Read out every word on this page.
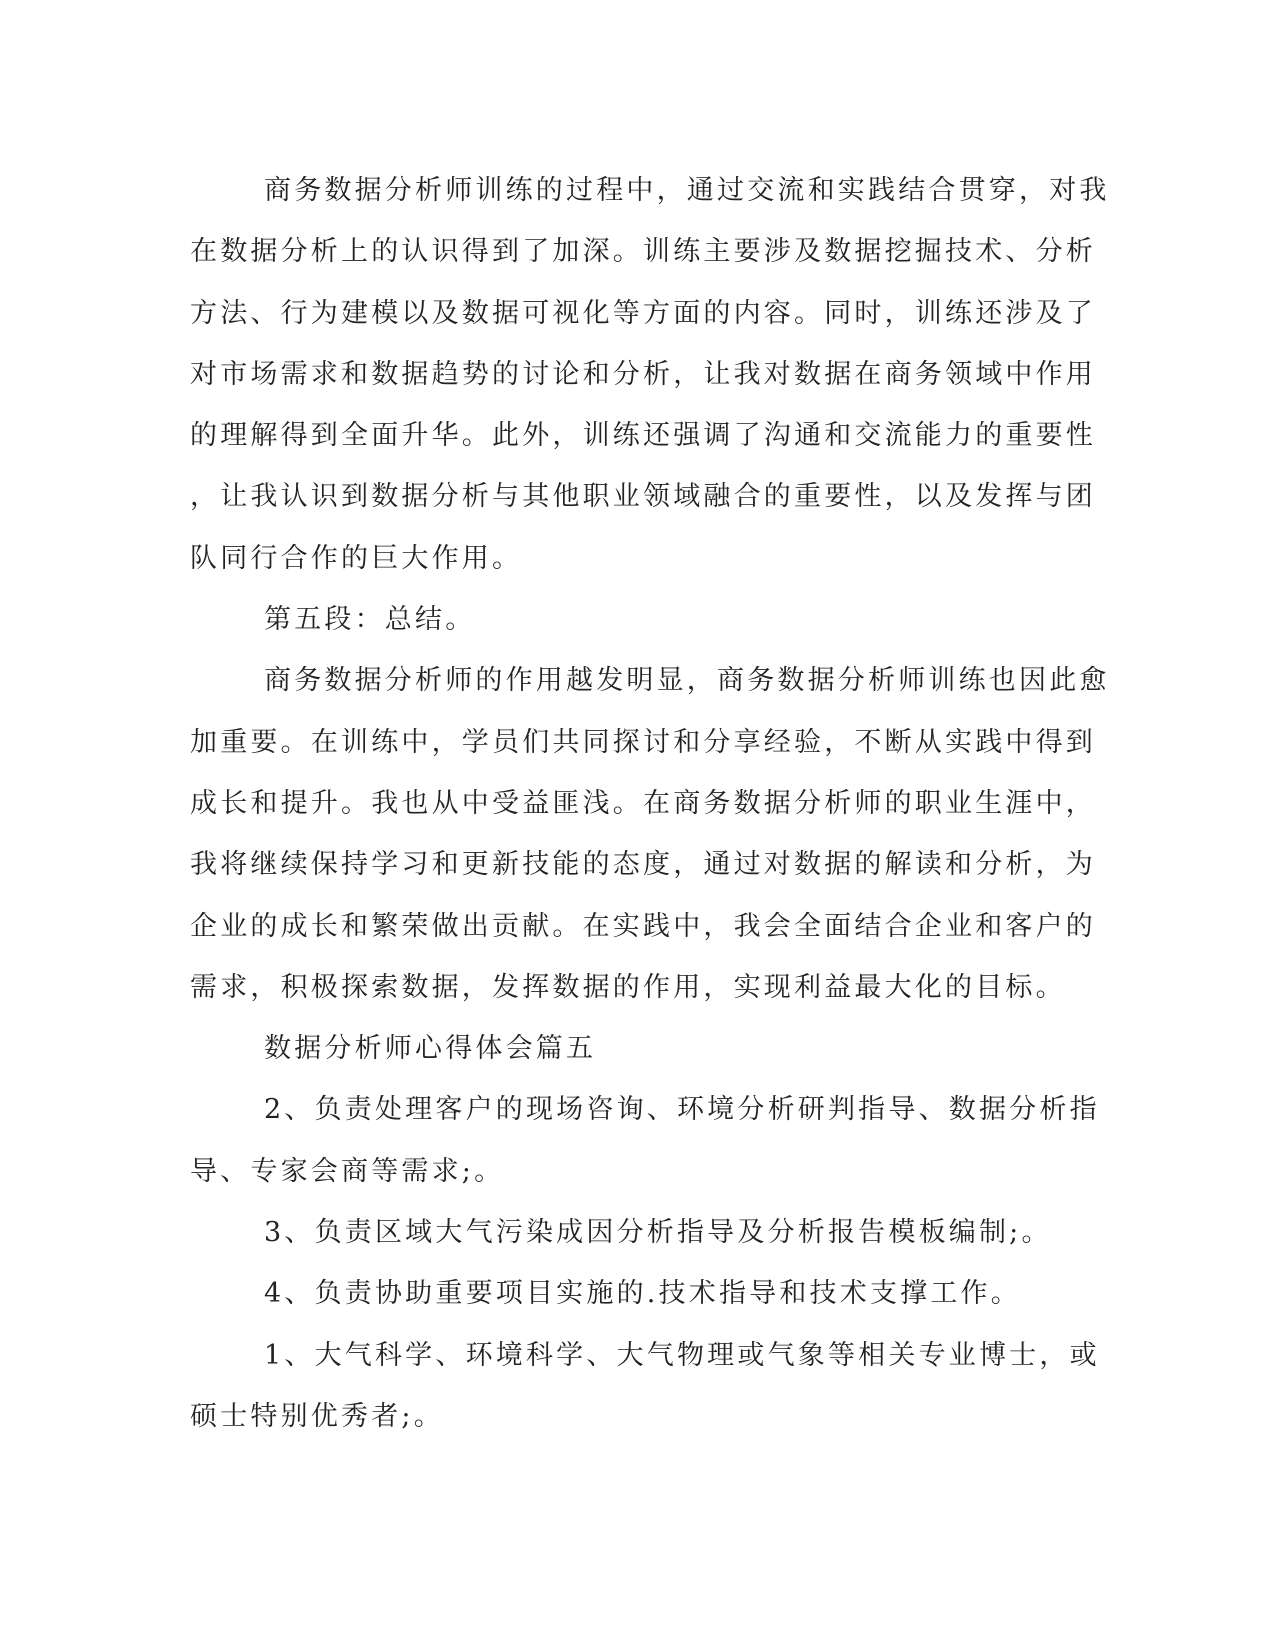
商务数据分析师训练的过程中，通过交流和实践结合贯穿，对我
在数据分析上的认识得到了加深。训练主要涉及数据挖掘技术、分析
方法、行为建模以及数据可视化等方面的内容。同时，训练还涉及了
对市场需求和数据趋势的讨论和分析，让我对数据在商务领域中作用
的理解得到全面升华。此外，训练还强调了沟通和交流能力的重要性
，让我认识到数据分析与其他职业领域融合的重要性，以及发挥与团
队同行合作的巨大作用。
第五段：总结。
商务数据分析师的作用越发明显，商务数据分析师训练也因此愈
加重要。在训练中，学员们共同探讨和分享经验，不断从实践中得到
成长和提升。我也从中受益匪浅。在商务数据分析师的职业生涯中，
我将继续保持学习和更新技能的态度，通过对数据的解读和分析，为
企业的成长和繁荣做出贡献。在实践中，我会全面结合企业和客户的
需求，积极探索数据，发挥数据的作用，实现利益最大化的目标。
数据分析师心得体会篇五
2、负责处理客户的现场咨询、环境分析研判指导、数据分析指
导、专家会商等需求;。
3、负责区域大气污染成因分析指导及分析报告模板编制;。
4、负责协助重要项目实施的.技术指导和技术支撑工作。
1、大气科学、环境科学、大气物理或气象等相关专业博士，或
硕士特别优秀者;。
